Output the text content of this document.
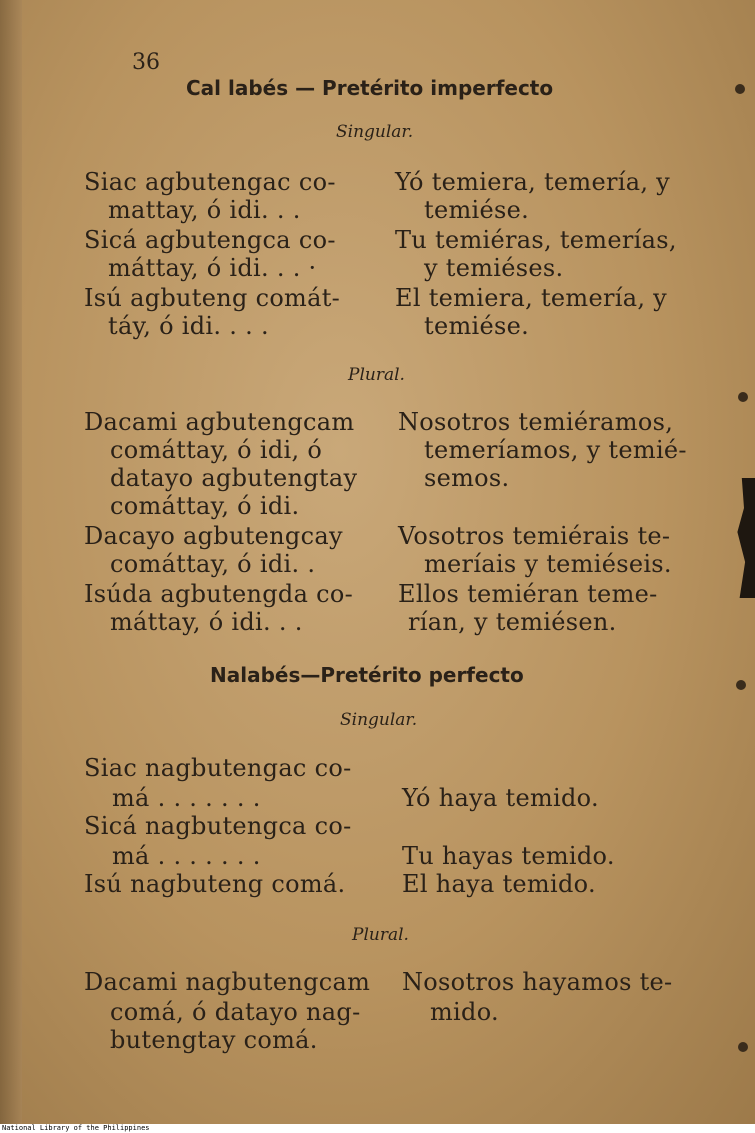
36
Cal labés — Pretérito imperfecto
Singular.
Siac agbutengac co-
mattay, ó idi. . .
Sicá agbutengca co-
máttay, ó idi. . . ·
Isú agbuteng comát-
táy, ó idi. . . .
Yó temiera, temería, y
temiése.
Tu temiéras, temerías,
y temiéses.
El temiera, temería, y
temiése.
Plural.
Dacami agbutengcam
comáttay, ó idi, ó
datayo agbutengtay
comáttay, ó idi.
Dacayo agbutengcay
comáttay, ó idi. .
Isúda agbutengda co-
máttay, ó idi. . .
Nosotros temiéramos,
temeríamos, y temié-
semos.
Vosotros temiérais te-
meríais y temiéseis.
Ellos temiéran teme-
rían, y temiésen.
Nalabés—Pretérito perfecto
Singular.
Siac nagbutengac co-
má . . . . . . .
Sicá nagbutengca co-
má . . . . . . .
Isú nagbuteng comá.
Yó haya temido.
Tu hayas temido.
El haya temido.
Plural.
Dacami nagbutengcam
comá, ó datayo nag-
butengtay comá.
Nosotros hayamos te-
mido.
National Library of the Philippines
